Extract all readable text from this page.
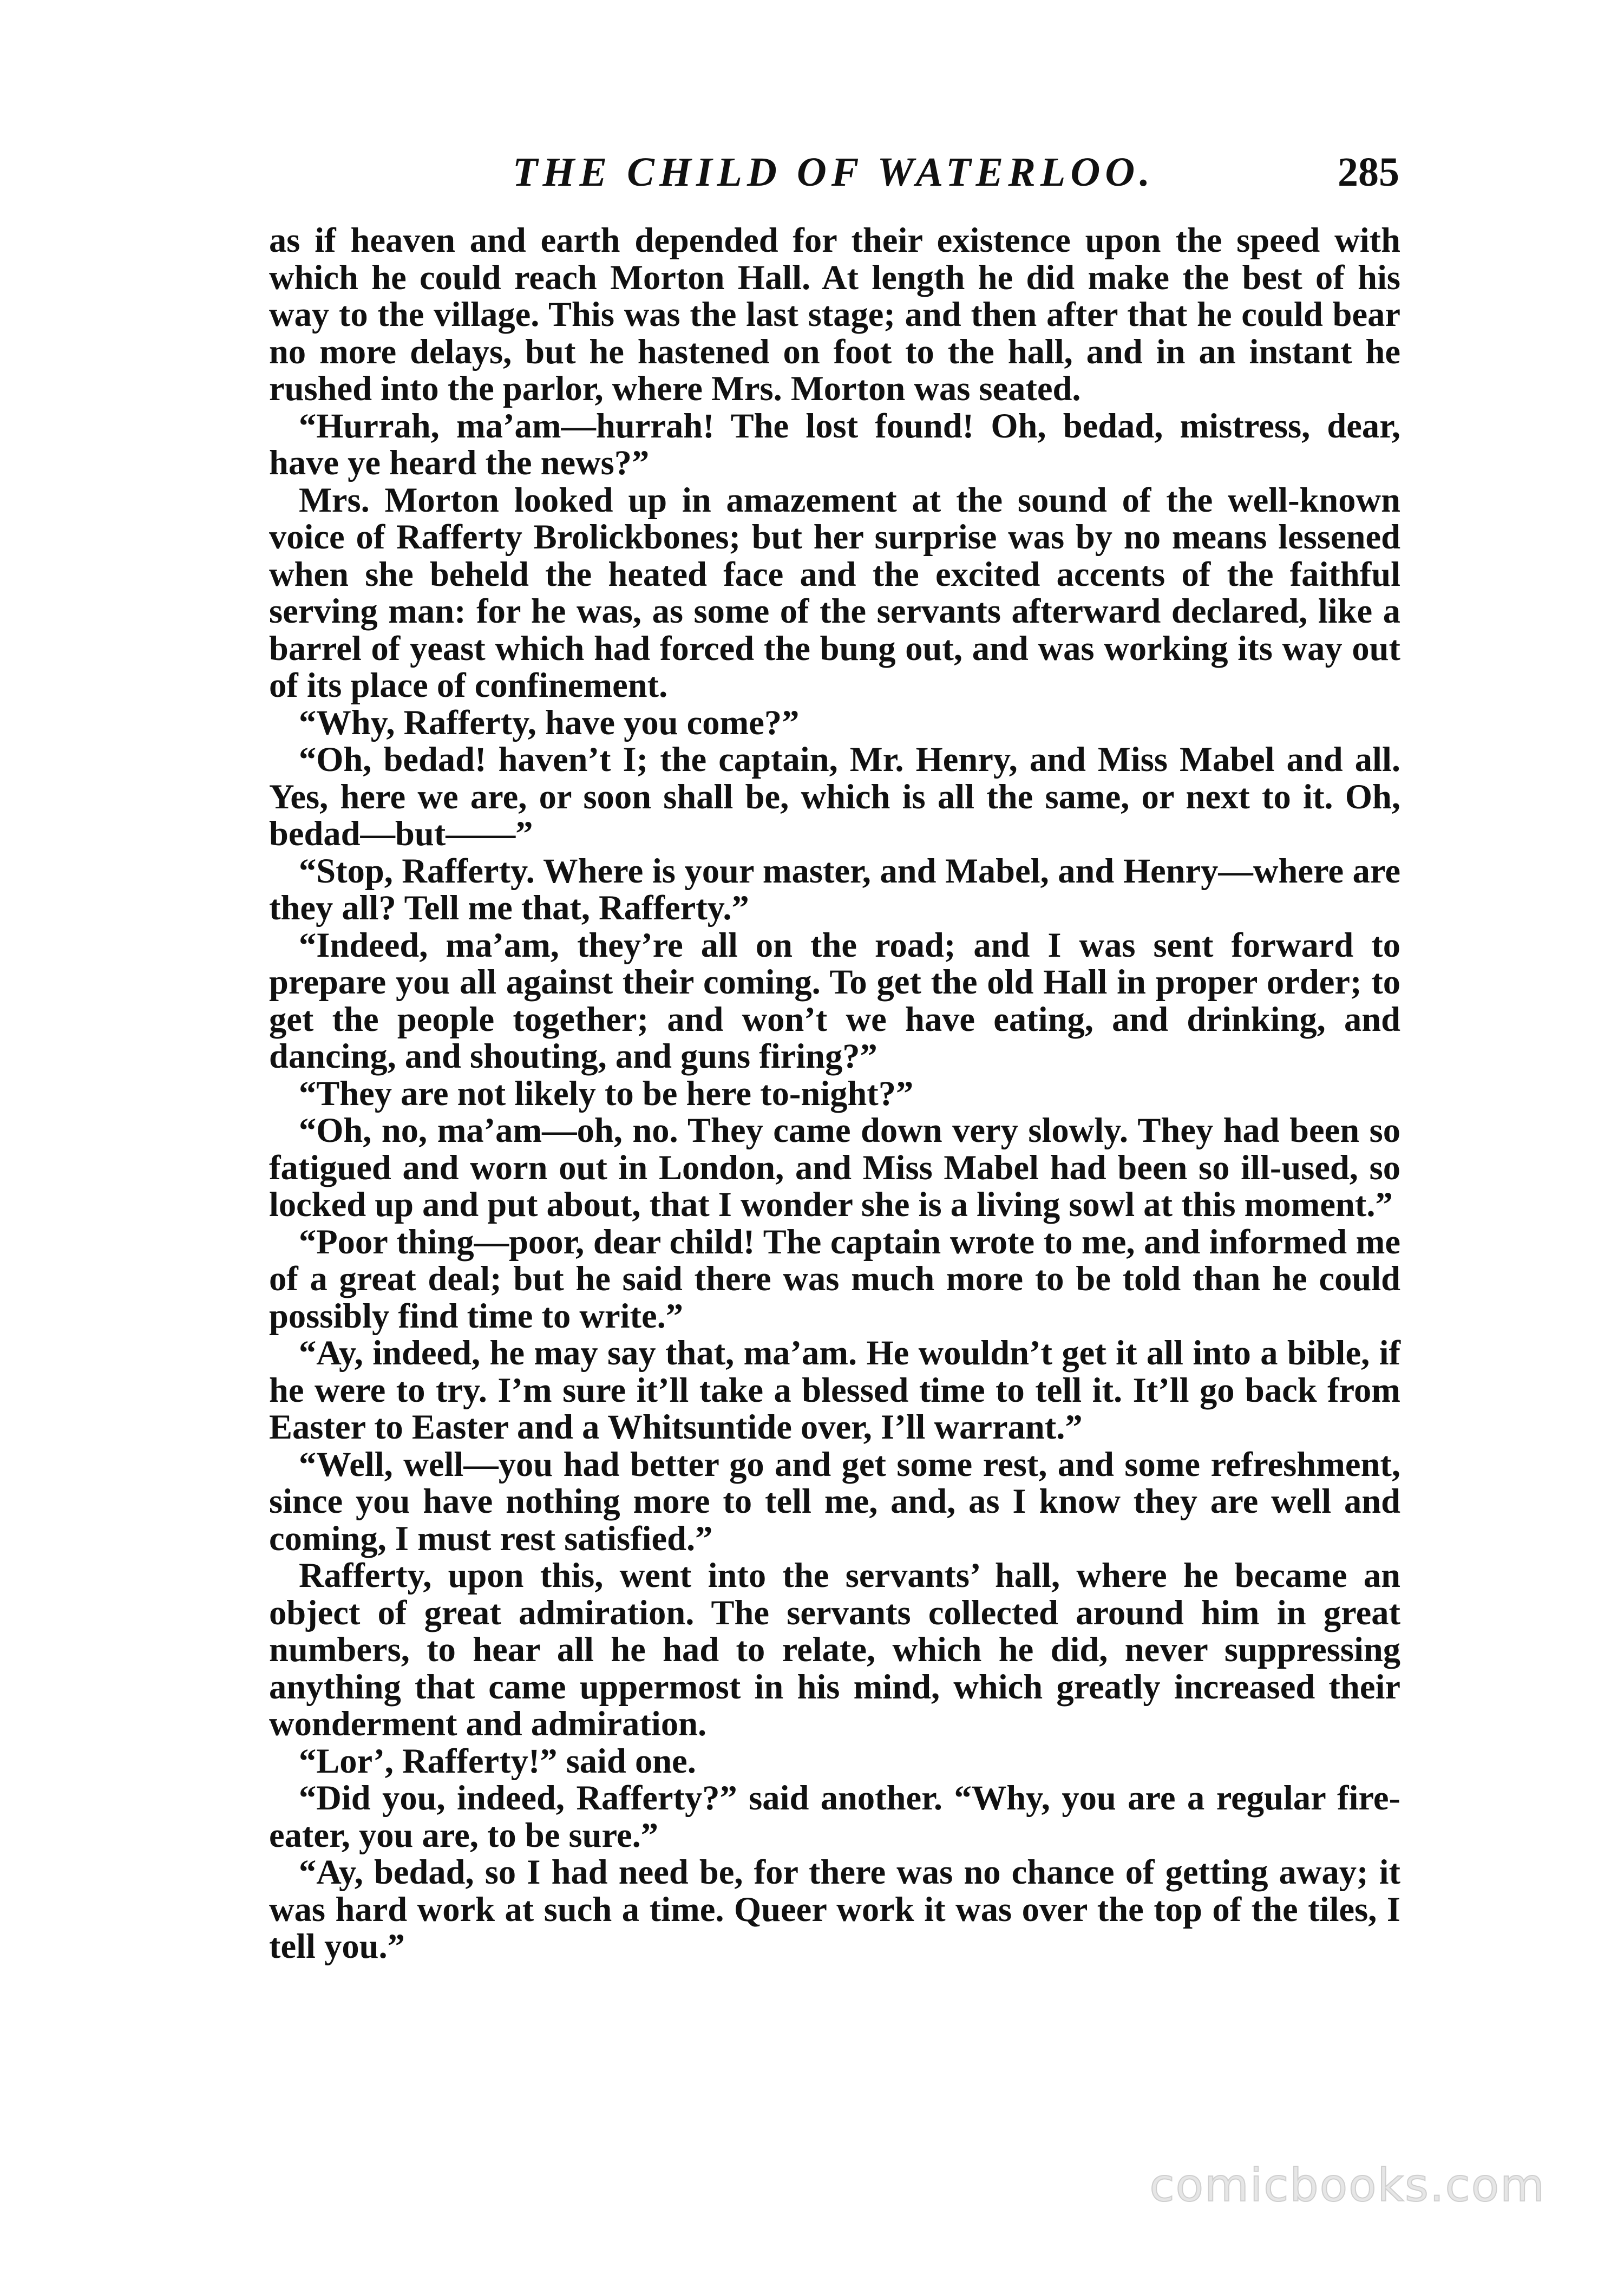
THE CHILD OF WATERLOO.	285

as if heaven and earth depended for their existence upon the speed with which he could reach Morton Hall. At length he did make the best of his way to the village. This was the last stage; and then after that he could bear no more delays, but he hastened on foot to the hall, and in an instant he rushed into the parlor, where Mrs. Morton was seated.

“Hurrah, ma’am—hurrah! The lost found! Oh, bedad, mistress, dear, have ye heard the news?”

Mrs. Morton looked up in amazement at the sound of the well-known voice of Rafferty Brolickbones; but her surprise was by no means lessened when she beheld the heated face and the excited accents of the faithful serving man: for he was, as some of the servants afterward declared, like a barrel of yeast which had forced the bung out, and was working its way out of its place of confinement.

“Why, Rafferty, have you come?”

“Oh, bedad! haven’t I; the captain, Mr. Henry, and Miss Mabel and all. Yes, here we are, or soon shall be, which is all the same, or next to it. Oh, bedad—but——”

“Stop, Rafferty. Where is your master, and Mabel, and Henry—where are they all? Tell me that, Rafferty.”

“Indeed, ma’am, they’re all on the road; and I was sent forward to prepare you all against their coming. To get the old Hall in proper order; to get the people together; and won’t we have eating, and drinking, and dancing, and shouting, and guns firing?”

“They are not likely to be here to-night?”

“Oh, no, ma’am—oh, no. They came down very slowly. They had been so fatigued and worn out in London, and Miss Mabel had been so ill-used, so locked up and put about, that I wonder she is a living sowl at this moment.”

“Poor thing—poor, dear child! The captain wrote to me, and informed me of a great deal; but he said there was much more to be told than he could possibly find time to write.”

“Ay, indeed, he may say that, ma’am. He wouldn’t get it all into a bible, if he were to try. I’m sure it’ll take a blessed time to tell it. It’ll go back from Easter to Easter and a Whitsuntide over, I’ll warrant.”

“Well, well—you had better go and get some rest, and some refreshment, since you have nothing more to tell me, and, as I know they are well and coming, I must rest satisfied.”

Rafferty, upon this, went into the servants’ hall, where he became an object of great admiration. The servants collected around him in great numbers, to hear all he had to relate, which he did, never suppressing anything that came uppermost in his mind, which greatly increased their wonderment and admiration.

“Lor’, Rafferty!” said one.

“Did you, indeed, Rafferty?” said another. “Why, you are a regular fire-eater, you are, to be sure.”

“Ay, bedad, so I had need be, for there was no chance of getting away; it was hard work at such a time. Queer work it was over the top of the tiles, I tell you.”

comicbooks.com
